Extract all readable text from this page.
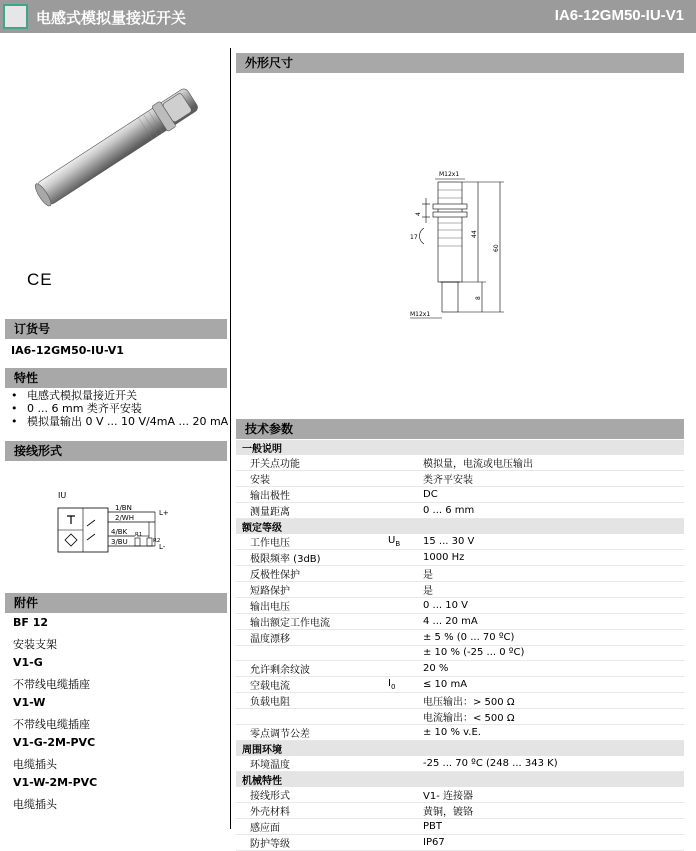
电感式模拟量接近开关	IA6-12GM50-IU-V1
CE
订货号
IA6-12GM50-IU-V1
特性
• 电感式模拟量接近开关
• 0 ... 6 mm 类齐平安装
• 模拟量输出 0 V ... 10 V/4mA ... 20 mA
接线形式
IU
1/BN
2/WH
4/BK
3/BU
L+
L-
R1
R2
附件
BF 12
安装支架
V1-G
不带线电缆插座
V1-W
不带线电缆插座
V1-G-2M-PVC
电缆插头
V1-W-2M-PVC
电缆插头
外形尺寸
M12x1
4
17	44
60
8
M12x1
技术参数
一般说明		
开关点功能		模拟量，电流或电压输出
安装		类齐平安装
输出极性		DC
测量距离		0 ... 6 mm
额定等级		
工作电压	$U_B$	15 ... 30 V
极限频率 (3dB)		1000 Hz
反极性保护		是
短路保护		是
输出电压		0 ... 10 V
输出额定工作电流		4 ... 20 mA
温度漂移		± 5 % (0 ... 70 ºC)
		± 10 % (-25 ... 0 ºC)
允许剩余纹波		20 %
空载电流	$I_0$	≤ 10 mA
负载电阻		电压输出：> 500 Ω
		电流输出：< 500 Ω
零点调节公差		± 10 % v.E.
周围环境		
环境温度		-25 ... 70 ºC (248 ... 343 K)
机械特性		
接线形式		V1- 连接器
外壳材料		黄铜，镀铬
感应面		PBT
防护等级		IP67
